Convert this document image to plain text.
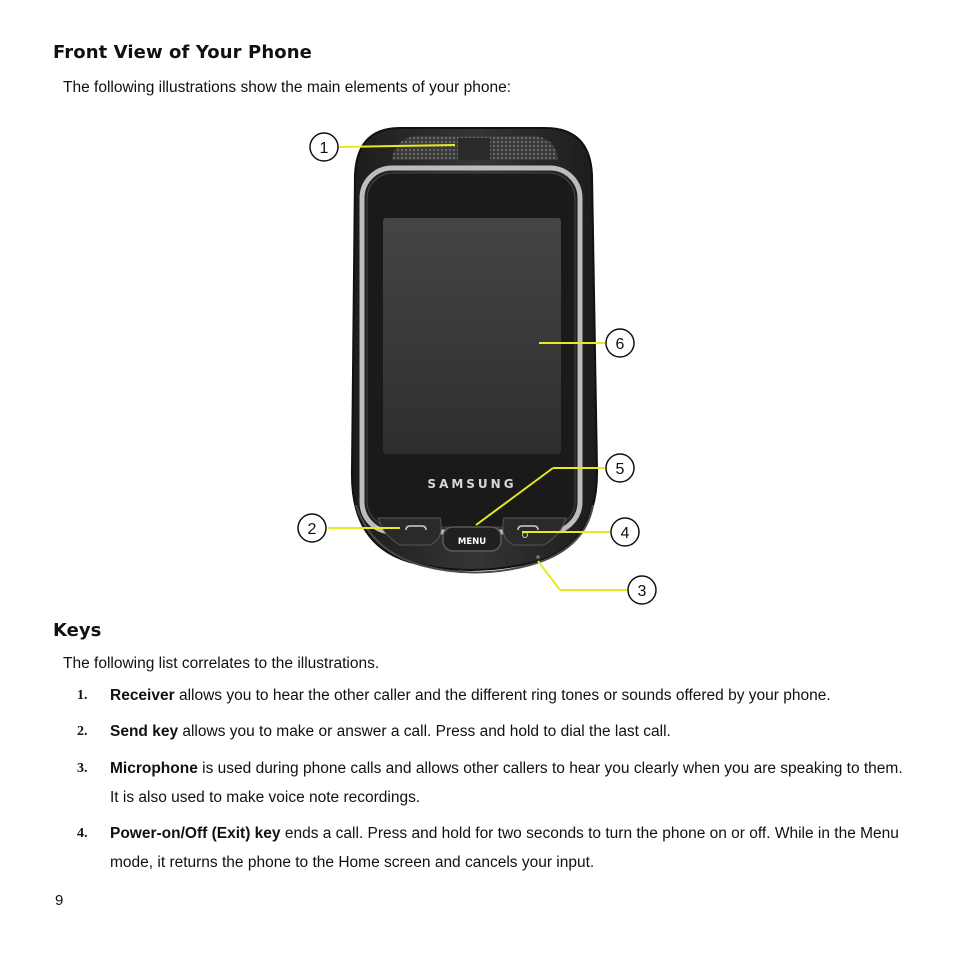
Front View of Your Phone

The following illustrations show the main elements of your phone:

SAMSUNG
MENU
1
6
5
2	4
3
Keys

The following list correlates to the illustrations.

1. Receiver allows you to hear the other caller and the different ring tones or sounds offered by your phone.
2. Send key allows you to make or answer a call. Press and hold to dial the last call.
3. Microphone is used during phone calls and allows other callers to hear you clearly when you are speaking to them. It is also used to make voice note recordings.
4. Power-on/Off (Exit) key ends a call. Press and hold for two seconds to turn the phone on or off. While in the Menu mode, it returns the phone to the Home screen and cancels your input.
9
